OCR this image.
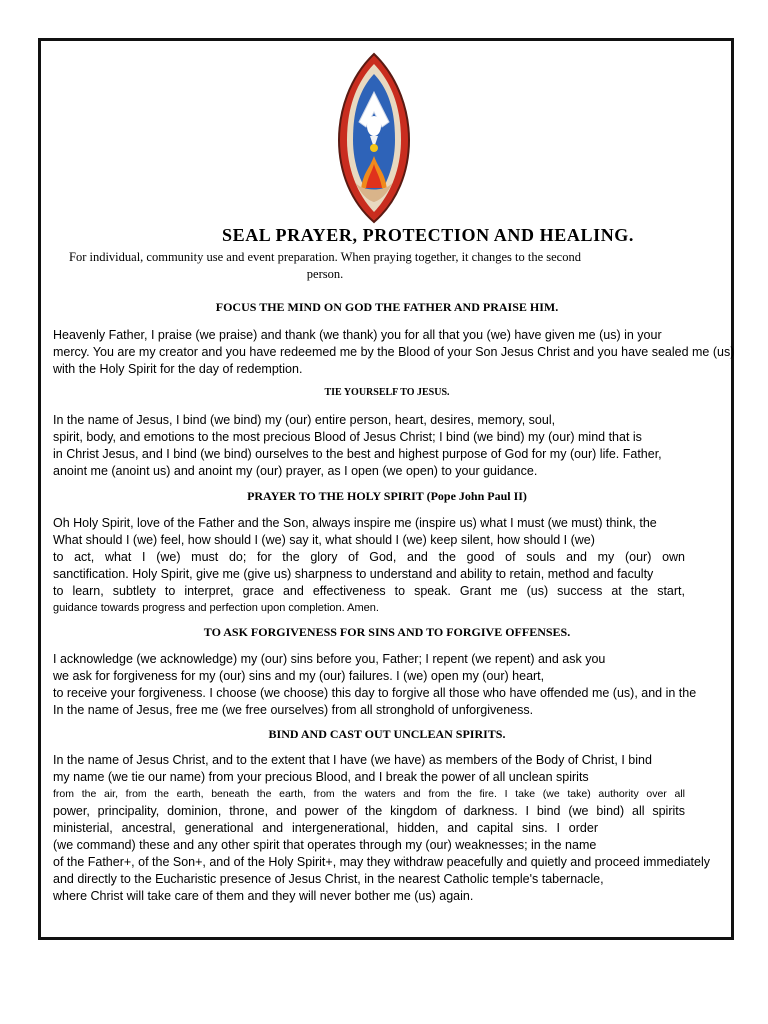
SEAL PRAYER, PROTECTION AND HEALING.
For individual, community use and event preparation. When praying together, it changes to the second person.
FOCUS THE MIND ON GOD THE FATHER AND PRAISE HIM.
Heavenly Father, I praise (we praise) and thank (we thank) you for all that you (we) have given me (us) in your
mercy. You are my creator and you have redeemed me by the Blood of your Son Jesus Christ and you have sealed me (us)
with the Holy Spirit for the day of redemption.
TIE YOURSELF TO JESUS.
In the name of Jesus, I bind (we bind) my (our) entire person, heart, desires, memory, soul,
spirit, body, and emotions to the most precious Blood of Jesus Christ; I bind (we bind) my (our) mind that is
in Christ Jesus, and I bind (we bind) ourselves to the best and highest purpose of God for my (our) life. Father,
anoint me (anoint us) and anoint my (our) prayer, as I open (we open) to your guidance.
PRAYER TO THE HOLY SPIRIT (Pope John Paul II)
Oh Holy Spirit, love of the Father and the Son, always inspire me (inspire us) what I must (we must) think, the
What should I (we) feel, how should I (we) say it, what should I (we) keep silent, how should I (we)
to act, what I (we) must do; for the glory of God, and the good of souls and my (our) own
sanctification. Holy Spirit, give me (give us) sharpness to understand and ability to retain, method and faculty
to learn, subtlety to interpret, grace and effectiveness to speak. Grant me (us) success at the start,
guidance towards progress and perfection upon completion. Amen.
TO ASK FORGIVENESS FOR SINS AND TO FORGIVE OFFENSES.
I acknowledge (we acknowledge) my (our) sins before you, Father; I repent (we repent) and ask you
we ask for forgiveness for my (our) sins and my (our) failures. I (we) open my (our) heart,
to receive your forgiveness. I choose (we choose) this day to forgive all those who have offended me (us), and in the
In the name of Jesus, free me (we free ourselves) from all stronghold of unforgiveness.
BIND AND CAST OUT UNCLEAN SPIRITS.
In the name of Jesus Christ, and to the extent that I have (we have) as members of the Body of Christ, I bind
my name (we tie our name) from your precious Blood, and I break the power of all unclean spirits
from the air, from the earth, beneath the earth, from the waters and from the fire. I take (we take) authority over all
power, principality, dominion, throne, and power of the kingdom of darkness. I bind (we bind) all spirits
ministerial, ancestral, generational and intergenerational, hidden, and capital sins. I order
(we command) these and any other spirit that operates through my (our) weaknesses; in the name
of the Father+, of the Son+, and of the Holy Spirit+, may they withdraw peacefully and quietly and proceed immediately
and directly to the Eucharistic presence of Jesus Christ, in the nearest Catholic temple's tabernacle,
where Christ will take care of them and they will never bother me (us) again.
